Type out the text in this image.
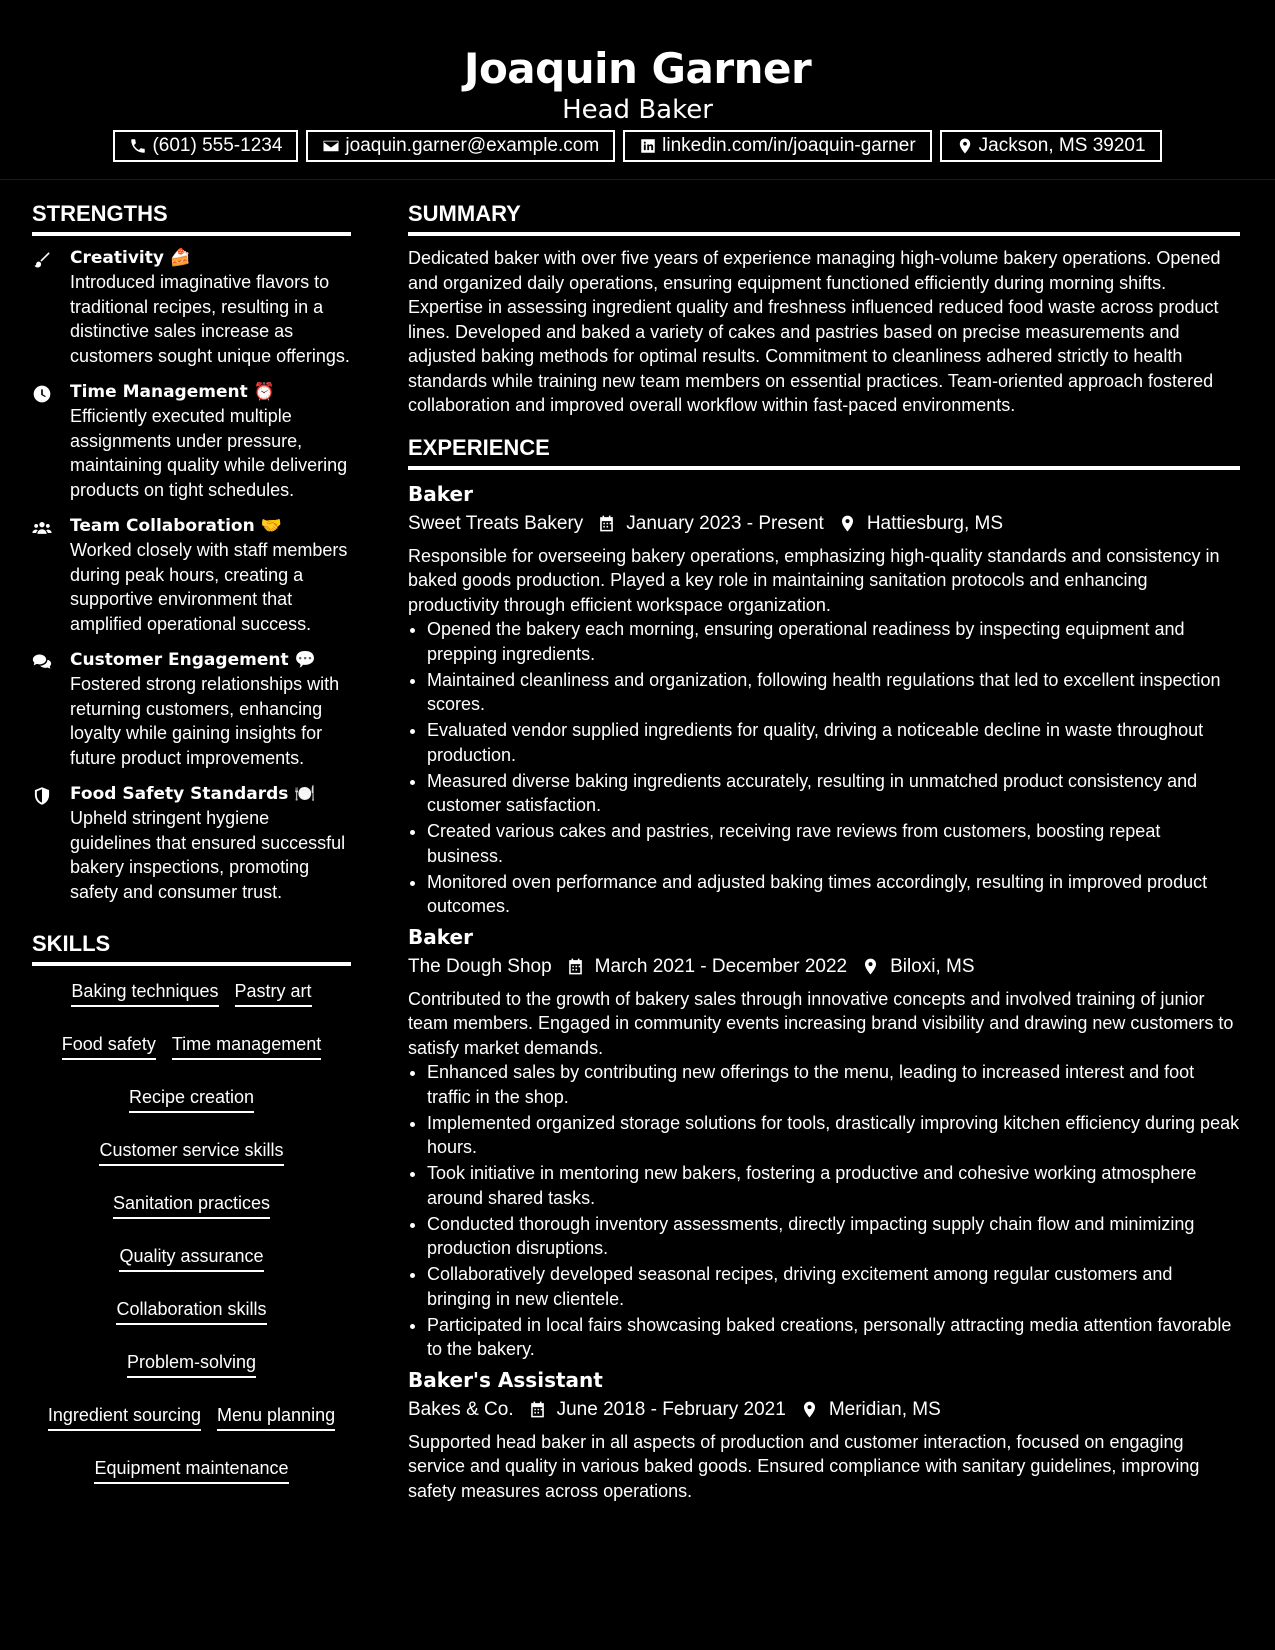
Joaquin Garner
Head Baker
(601) 555-1234	joaquin.garner@example.com	linkedin.com/in/joaquin-garner	Jackson, MS 39201
STRENGTHS
Creativity 🍰
Introduced imaginative flavors to traditional recipes, resulting in a distinctive sales increase as customers sought unique offerings.
Time Management ⏰
Efficiently executed multiple assignments under pressure, maintaining quality while delivering products on tight schedules.
Team Collaboration 🤝
Worked closely with staff members during peak hours, creating a supportive environment that amplified operational success.
Customer Engagement 💬
Fostered strong relationships with returning customers, enhancing loyalty while gaining insights for future product improvements.
Food Safety Standards 🍽️
Upheld stringent hygiene guidelines that ensured successful bakery inspections, promoting safety and consumer trust.
SKILLS
Baking techniques Pastry art
Food safety Time management
Recipe creation
Customer service skills
Sanitation practices
Quality assurance
Collaboration skills
Problem-solving
Ingredient sourcing Menu planning
Equipment maintenance
SUMMARY
Dedicated baker with over five years of experience managing high-volume bakery operations. Opened and organized daily operations, ensuring equipment functioned efficiently during morning shifts. Expertise in assessing ingredient quality and freshness influenced reduced food waste across product lines. Developed and baked a variety of cakes and pastries based on precise measurements and adjusted baking methods for optimal results. Commitment to cleanliness adhered strictly to health standards while training new team members on essential practices. Team-oriented approach fostered collaboration and improved overall workflow within fast-paced environments.
EXPERIENCE
Baker
Sweet Treats Bakery January 2023 - Present Hattiesburg, MS
Responsible for overseeing bakery operations, emphasizing high-quality standards and consistency in baked goods production. Played a key role in maintaining sanitation protocols and enhancing productivity through efficient workspace organization.
• Opened the bakery each morning, ensuring operational readiness by inspecting equipment and prepping ingredients.
• Maintained cleanliness and organization, following health regulations that led to excellent inspection scores.
• Evaluated vendor supplied ingredients for quality, driving a noticeable decline in waste throughout production.
• Measured diverse baking ingredients accurately, resulting in unmatched product consistency and customer satisfaction.
• Created various cakes and pastries, receiving rave reviews from customers, boosting repeat business.
• Monitored oven performance and adjusted baking times accordingly, resulting in improved product outcomes.
Baker
The Dough Shop March 2021 - December 2022 Biloxi, MS
Contributed to the growth of bakery sales through innovative concepts and involved training of junior team members. Engaged in community events increasing brand visibility and drawing new customers to satisfy market demands.
• Enhanced sales by contributing new offerings to the menu, leading to increased interest and foot traffic in the shop.
• Implemented organized storage solutions for tools, drastically improving kitchen efficiency during peak hours.
• Took initiative in mentoring new bakers, fostering a productive and cohesive working atmosphere around shared tasks.
• Conducted thorough inventory assessments, directly impacting supply chain flow and minimizing production disruptions.
• Collaboratively developed seasonal recipes, driving excitement among regular customers and bringing in new clientele.
• Participated in local fairs showcasing baked creations, personally attracting media attention favorable to the bakery.
Baker's Assistant
Bakes & Co. June 2018 - February 2021 Meridian, MS
Supported head baker in all aspects of production and customer interaction, focused on engaging service and quality in various baked goods. Ensured compliance with sanitary guidelines, improving safety measures across operations.
